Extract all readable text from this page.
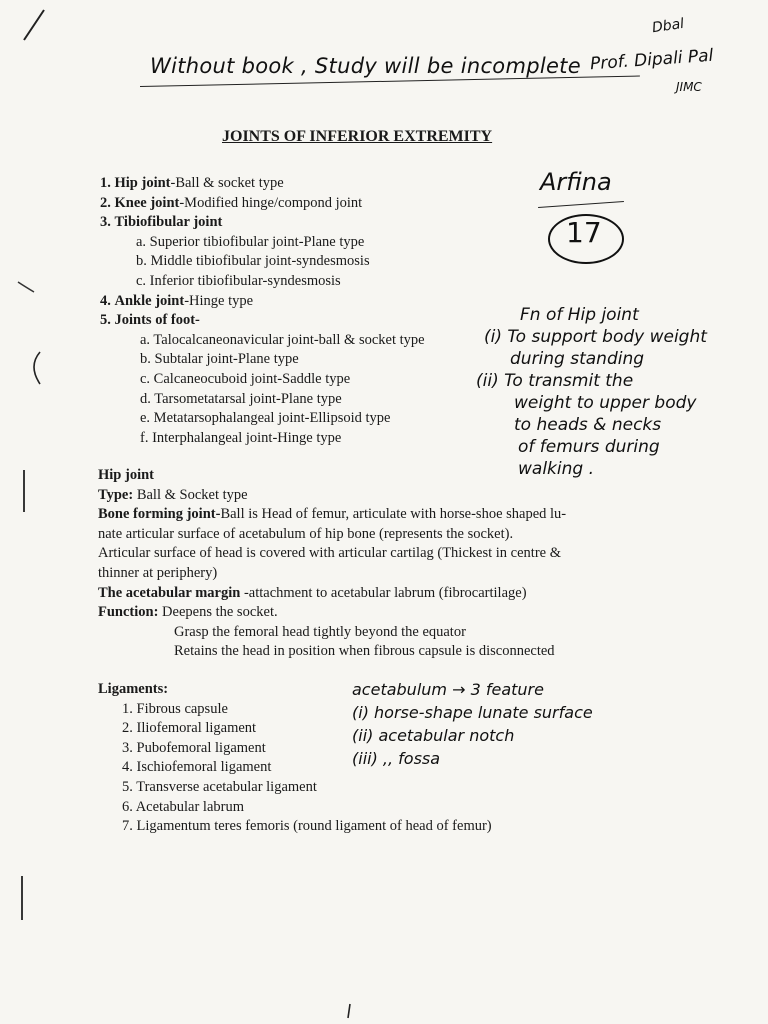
Without book , Study will be incomplete
Dbal
Prof. Dipali Pal
JIMC
Arfina
17
JOINTS OF INFERIOR EXTREMITY
1. Hip joint-Ball & socket type
2. Knee joint-Modified hinge/compond joint
3. Tibiofibular joint
a. Superior tibiofibular joint-Plane type
b. Middle tibiofibular joint-syndesmosis
c. Inferior tibiofibular-syndesmosis
4. Ankle joint-Hinge type
5. Joints of foot-
a. Talocalcaneonavicular joint-ball & socket type
b. Subtalar joint-Plane type
c. Calcaneocuboid joint-Saddle type
d. Tarsometatarsal joint-Plane type
e. Metatarsophalangeal joint-Ellipsoid type
f. Interphalangeal joint-Hinge type
Fn of Hip joint
(i) To support body weight
during standing
(ii) To transmit the
weight to upper body
to heads & necks
of femurs during
walking .
Hip joint
Type: Ball & Socket type
Bone forming joint-Ball is Head of femur, articulate with horse-shoe shaped lu-
nate articular surface of acetabulum of hip bone (represents the socket).
Articular surface of head is covered with articular cartilag (Thickest in centre &
thinner at periphery)
The acetabular margin -attachment to acetabular labrum (fibrocartilage)
Function: Deepens the socket.
Grasp the femoral head tightly beyond the equator
Retains the head in position when fibrous capsule is disconnected
acetabulum → 3 feature
(i) horse-shape lunate surface
(ii) acetabular notch
(iii) ,, fossa
Ligaments:
1. Fibrous capsule
2. Iliofemoral ligament
3. Pubofemoral ligament
4. Ischiofemoral ligament
5. Transverse acetabular ligament
6. Acetabular labrum
7. Ligamentum teres femoris (round ligament of head of femur)
